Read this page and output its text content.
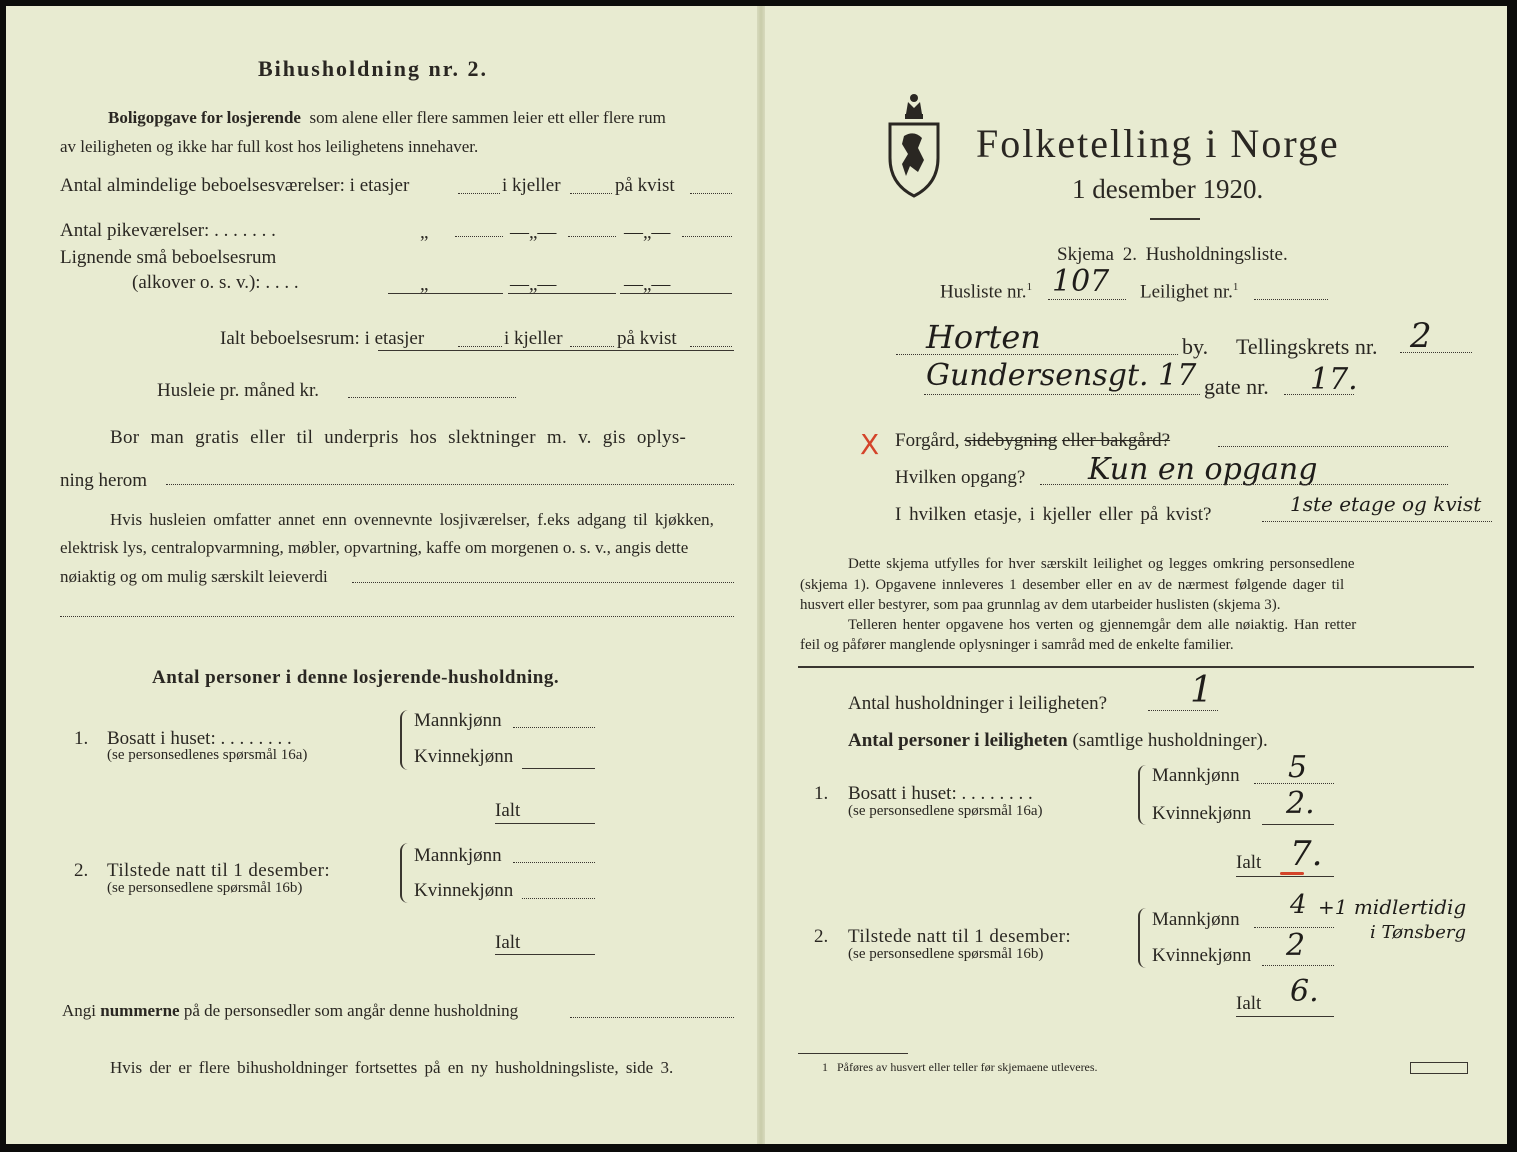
Bihusholdning nr. 2.
Boligopgave for losjerende som alene eller flere sammen leier ett eller flere rum
av leiligheten og ikke har full kost hos leilighetens innehaver.
Antal almindelige beboelsesværelser: i etasjer	i kjeller	på kvist
Antal pikeværelser: . . . . . . .	„	—„—	—„—
Lignende små beboelsesrum
(alkover o. s. v.): . . . .	„	—„—	—„—
Ialt beboelsesrum: i etasjer	i kjeller	på kvist
Husleie pr. måned kr.
Bor man gratis eller til underpris hos slektninger m. v. gis oplys-
ning herom
Hvis husleien omfatter annet enn ovennevnte losjiværelser, f.eks adgang til kjøkken,
elektrisk lys, centralopvarmning, møbler, opvartning, kaffe om morgenen o. s. v., angis dette
nøiaktig og om mulig særskilt leieverdi
Antal personer i denne losjerende-husholdning.
1. Bosatt i huset: . . . . . . . .
(se personsedlenes spørsmål 16a)
Mannkjønn
Kvinnekjønn
Ialt
2. Tilstede natt til 1 desember:
(se personsedlene spørsmål 16b)
Mannkjønn
Kvinnekjønn
Ialt
Angi nummerne på de personsedler som angår denne husholdning
Hvis der er flere bihusholdninger fortsettes på en ny husholdningsliste, side 3.
Folketelling i Norge
1 desember 1920.
Skjema 2. Husholdningsliste.
Husliste nr.$^1$ 107 Leilighet nr.$^1$
Horten	by. Tellingskrets nr. 2
Gundersensgt. 17 gate nr. 17.
X Forgård, sidebygning eller bakgård?
Hvilken opgang? Kun en opgang
I hvilken etasje, i kjeller eller på kvist?	1ste etage og kvist
Dette skjema utfylles for hver særskilt leilighet og legges omkring personsedlene
(skjema 1). Opgavene innleveres 1 desember eller en av de nærmest følgende dager til
husvert eller bestyrer, som paa grunnlag av dem utarbeider huslisten (skjema 3).
Telleren henter opgavene hos verten og gjennemgår dem alle nøiaktig. Han retter
feil og påfører manglende oplysninger i samråd med de enkelte familier.
Antal husholdninger i leiligheten? 1
Antal personer i leiligheten (samtlige husholdninger).
1. Bosatt i huset: . . . . . . . .
(se personsedlene spørsmål 16a)
Mannkjønn 5
Kvinnekjønn 2.
Ialt 7.
2. Tilstede natt til 1 desember:
(se personsedlene spørsmål 16b)
Mannkjønn 4 +1 midlertidig
i Tønsberg
Kvinnekjønn 2
Ialt 6.
1 Påføres av husvert eller teller før skjemaene utleveres.
